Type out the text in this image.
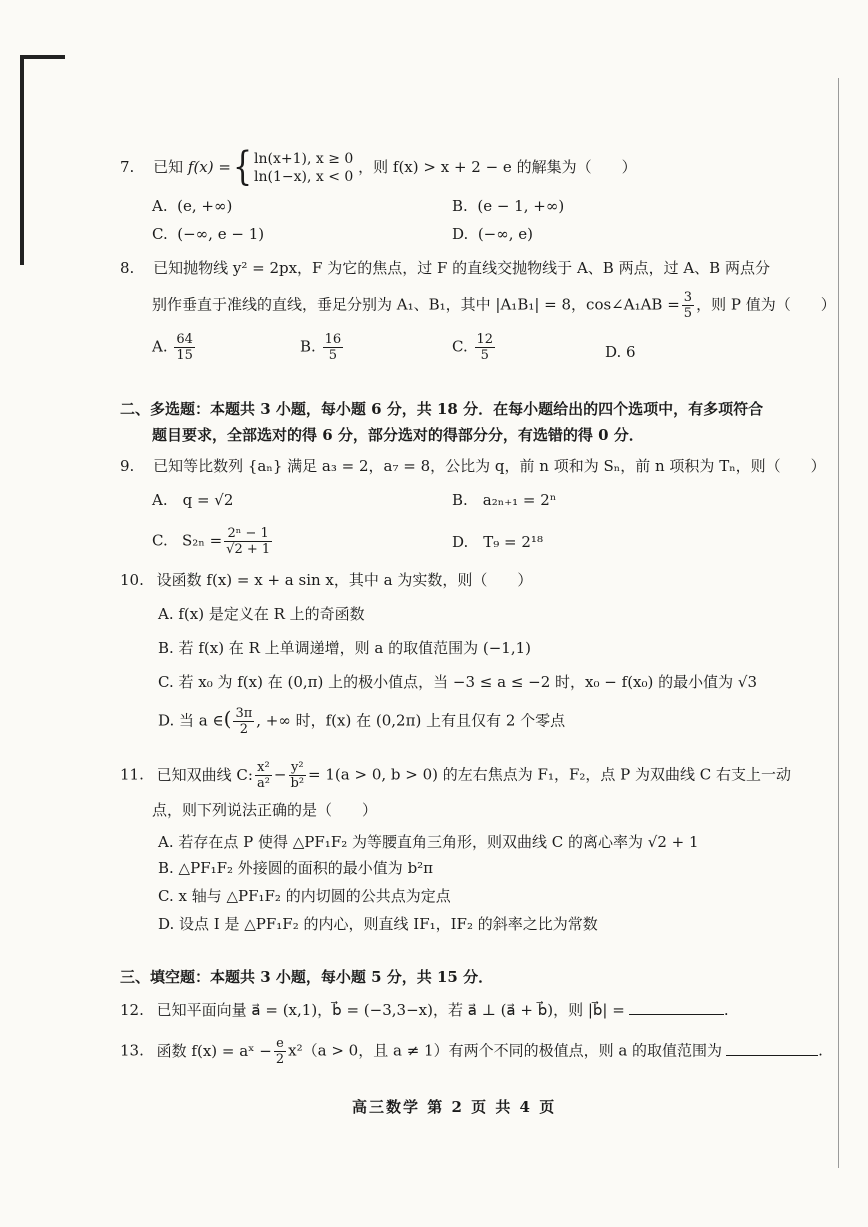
7. 已知 f(x) ={ ln(x+1), x ≥ 0
ln(1−x), x < 0
，则 f(x) > x + 2 − e 的解集为（　　）
A. (e, +∞)	B. (e − 1, +∞)
C. (−∞, e − 1)	D. (−∞, e)
8. 已知抛物线 y² = 2px，F 为它的焦点，过 F 的直线交抛物线于 A、B 两点，过 A、B 两点分
别作垂直于准线的直线，垂足分别为 A₁、B₁，其中 |A₁B₁| = 8，cos∠A₁AB = $\frac{3}{5}$ ，则 P 值为（　　）
A. $\frac{64}{15}$	B. $\frac{16}{5}$	C. $\frac{12}{5}$	D. 6
二、多选题：本题共 3 小题，每小题 6 分，共 18 分．在每小题给出的四个选项中，有多项符合
题目要求，全部选对的得 6 分，部分选对的得部分分，有选错的得 0 分．
9. 已知等比数列 {aₙ} 满足 a₃ = 2，a₇ = 8，公比为 q，前 n 项和为 Sₙ，前 n 项积为 Tₙ，则（　　）
A.　q = √2	B.　a₂ₙ₊₁ = 2ⁿ
C. $S_{2n} = \frac{\text{2ⁿ − 1}}{√2 + 1}$	D.　T₉ = 2¹⁸
10. 设函数 f(x) = x + a sin x，其中 a 为实数，则（　　）
A. f(x) 是定义在 R 上的奇函数
B. 若 f(x) 在 R 上单调递增，则 a 的取值范围为 (−1,1)
C. 若 x₀ 为 f(x) 在 (0,π) 上的极小值点，当 −3 ≤ a ≤ −2 时，x₀ − f(x₀) 的最小值为 √3
D. 当 a ∈( $\frac{3\pi}{2}$ , +∞ 时，f(x) 在 (0,2π) 上有且仅有 2 个零点
11. 已知双曲线 C: $\frac{\text{x²}}{\text{a²}} - \frac{\text{y²}}{\text{b²}} = 1(a > 0$, b > 0) 的左右焦点为 F₁，F₂，点 P 为双曲线 C 右支上一动
点，则下列说法正确的是（　　）
A. 若存在点 P 使得 △PF₁F₂ 为等腰直角三角形，则双曲线 C 的离心率为 √2 + 1
B. △PF₁F₂ 外接圆的面积的最小值为 b²π
C. x 轴与 △PF₁F₂ 的内切圆的公共点为定点
D. 设点 I 是 △PF₁F₂ 的内心，则直线 IF₁，IF₂ 的斜率之比为常数
三、填空题：本题共 3 小题，每小题 5 分，共 15 分．
12. 已知平面向量 a⃗ = (x,1)，b⃗ = (−3,3−x)，若 a⃗ ⊥ (a⃗ + b⃗)，则 |b⃗| =	.
13. 函数 f(x) = aˣ − $\frac{e}{2} x^2(a > 0$，且 a ≠ 1）有两个不同的极值点，则 a 的取值范围为	.
高三数学 第 2 页 共 4 页
